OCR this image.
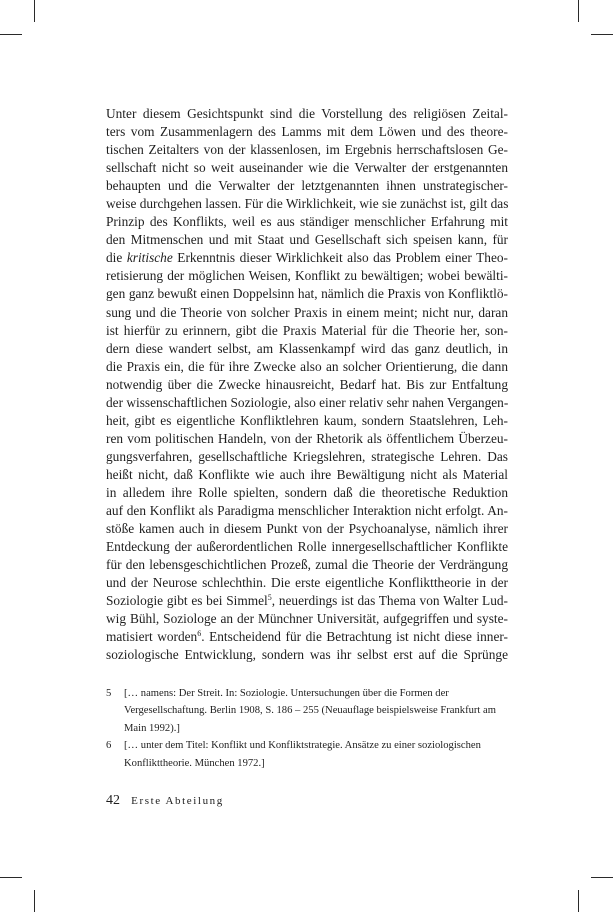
Unter diesem Gesichtspunkt sind die Vorstellung des religiösen Zeital-
ters vom Zusammenlagern des Lamms mit dem Löwen und des theore-
tischen Zeitalters von der klassenlosen, im Ergebnis herrschaftslosen Ge-
sellschaft nicht so weit auseinander wie die Verwalter der erstgenannten
behaupten und die Verwalter der letztgenannten ihnen unstrategischer-
weise durchgehen lassen. Für die Wirklichkeit, wie sie zunächst ist, gilt das
Prinzip des Konflikts, weil es aus ständiger menschlicher Erfahrung mit
den Mitmenschen und mit Staat und Gesellschaft sich speisen kann, für
die kritische Erkenntnis dieser Wirklichkeit also das Problem einer Theo-
retisierung der möglichen Weisen, Konflikt zu bewältigen; wobei bewälti-
gen ganz bewußt einen Doppelsinn hat, nämlich die Praxis von Konfliktlö-
sung und die Theorie von solcher Praxis in einem meint; nicht nur, daran
ist hierfür zu erinnern, gibt die Praxis Material für die Theorie her, son-
dern diese wandert selbst, am Klassenkampf wird das ganz deutlich, in
die Praxis ein, die für ihre Zwecke also an solcher Orientierung, die dann
notwendig über die Zwecke hinausreicht, Bedarf hat. Bis zur Entfaltung
der wissenschaftlichen Soziologie, also einer relativ sehr nahen Vergangen-
heit, gibt es eigentliche Konfliktlehren kaum, sondern Staatslehren, Leh-
ren vom politischen Handeln, von der Rhetorik als öffentlichem Überzeu-
gungsverfahren, gesellschaftliche Kriegslehren, strategische Lehren. Das
heißt nicht, daß Konflikte wie auch ihre Bewältigung nicht als Material
in alledem ihre Rolle spielten, sondern daß die theoretische Reduktion
auf den Konflikt als Paradigma menschlicher Interaktion nicht erfolgt. An-
stöße kamen auch in diesem Punkt von der Psychoanalyse, nämlich ihrer
Entdeckung der außerordentlichen Rolle innergesellschaftlicher Konflikte
für den lebensgeschichtlichen Prozeß, zumal die Theorie der Verdrängung
und der Neurose schlechthin. Die erste eigentliche Konflikttheorie in der
Soziologie gibt es bei Simmel$^5$, neuerdings ist das Thema von Walter Lud-
wig Bühl, Soziologe an der Münchner Universität, aufgegriffen und syste-
matisiert worden$^6$. Entscheidend für die Betrachtung ist nicht diese inner-
soziologische Entwicklung, sondern was ihr selbst erst auf die Sprünge
5	[… namens: Der Streit. In: Soziologie. Untersuchungen über die Formen der Vergesellschaftung. Berlin 1908, S. 186 – 255 (Neuauflage beispielsweise Frankfurt am Main 1992).]
6	[… unter dem Titel: Konflikt und Konfliktstrategie. Ansätze zu einer soziologischen Konflikttheorie. München 1972.]
42 Erste Abteilung
